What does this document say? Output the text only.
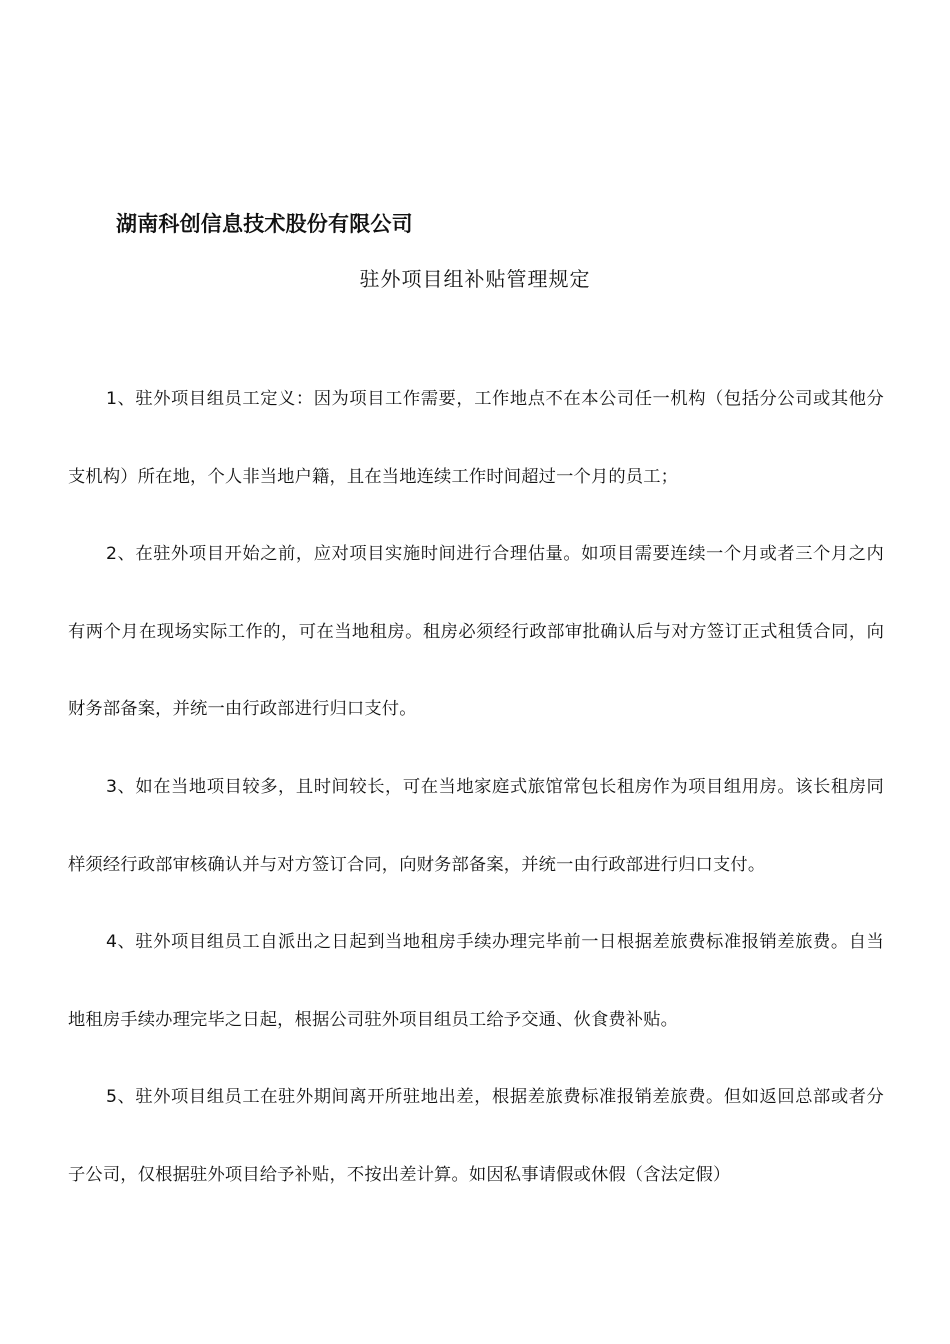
湖南科创信息技术股份有限公司
驻外项目组补贴管理规定

1、驻外项目组员工定义：因为项目工作需要，工作地点不在本公司任一机构（包括分公司或其他分支机构）所在地，个人非当地户籍，且在当地连续工作时间超过一个月的员工；

2、在驻外项目开始之前，应对项目实施时间进行合理估量。如项目需要连续一个月或者三个月之内有两个月在现场实际工作的，可在当地租房。租房必须经行政部审批确认后与对方签订正式租赁合同，向财务部备案，并统一由行政部进行归口支付。

3、如在当地项目较多，且时间较长，可在当地家庭式旅馆常包长租房作为项目组用房。该长租房同样须经行政部审核确认并与对方签订合同，向财务部备案，并统一由行政部进行归口支付。

4、驻外项目组员工自派出之日起到当地租房手续办理完毕前一日根据差旅费标准报销差旅费。自当地租房手续办理完毕之日起，根据公司驻外项目组员工给予交通、伙食费补贴。

5、驻外项目组员工在驻外期间离开所驻地出差，根据差旅费标准报销差旅费。但如返回总部或者分子公司，仅根据驻外项目给予补贴，不按出差计算。如因私事请假或休假（含法定假）
